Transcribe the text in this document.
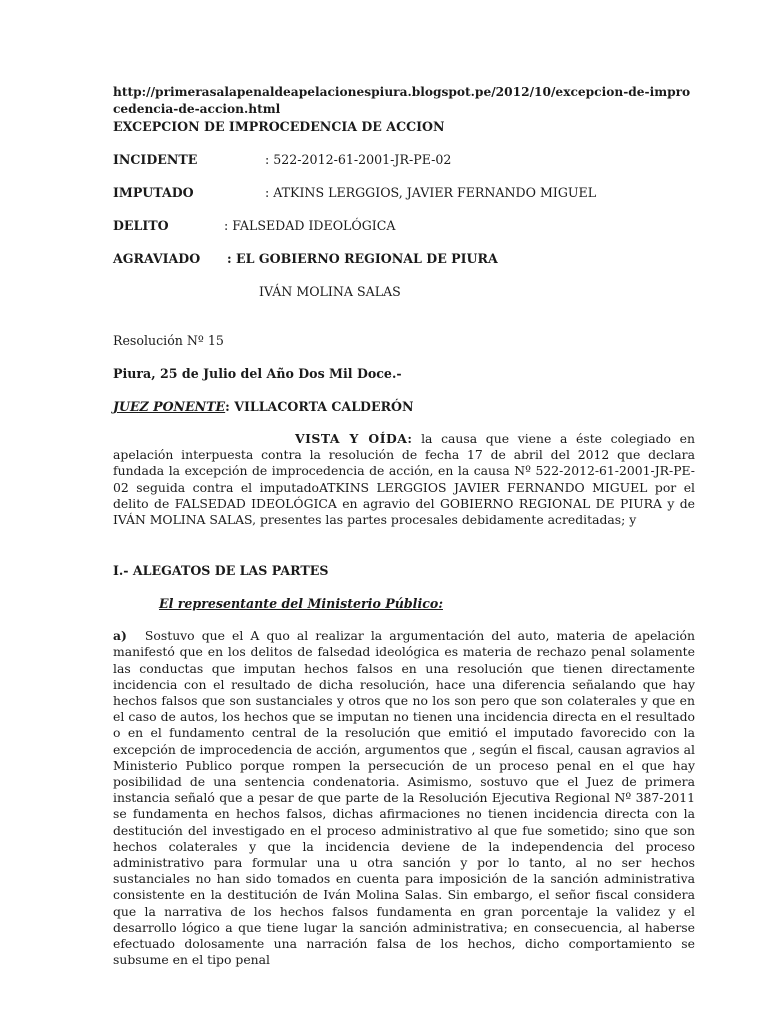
http://primerasalapenaldeapelacionespiura.blogspot.pe/2012/10/excepcion-de-improcedencia-de-accion.html
EXCEPCION DE IMPROCEDENCIA DE ACCION
INCIDENTE	: 522-2012-61-2001-JR-PE-02
IMPUTADO	: ATKINS LERGGIOS, JAVIER FERNANDO MIGUEL
DELITO	: FALSEDAD IDEOLÓGICA
AGRAVIADO	: EL GOBIERNO REGIONAL DE PIURA
IVÁN MOLINA SALAS
Resolución Nº 15
Piura, 25 de Julio del Año Dos Mil Doce.-
JUEZ PONENTE: VILLACORTA CALDERÓN
VISTA Y OÍDA: la causa que viene a éste colegiado en apelación interpuesta contra la resolución de fecha 17 de abril del 2012 que declara fundada la excepción de improcedencia de acción, en la causa Nº 522-2012-61-2001-JR-PE-02 seguida contra el imputadoATKINS LERGGIOS JAVIER FERNANDO MIGUEL por el delito de FALSEDAD IDEOLÓGICA en agravio del GOBIERNO REGIONAL DE PIURA y de IVÁN MOLINA SALAS, presentes las partes procesales debidamente acreditadas; y
I.- ALEGATOS DE LAS PARTES
El representante del Ministerio Público:
a) Sostuvo que el A quo al realizar la argumentación del auto, materia de apelación manifestó que en los delitos de falsedad ideológica es materia de rechazo penal solamente las conductas que imputan hechos falsos en una resolución que tienen directamente incidencia con el resultado de dicha resolución, hace una diferencia señalando que hay hechos falsos que son sustanciales y otros que no los son pero que son colaterales y que en el caso de autos, los hechos que se imputan no tienen una incidencia directa en el resultado o en el fundamento central de la resolución que emitió el imputado favorecido con la excepción de improcedencia de acción, argumentos que , según el fiscal, causan agravios al Ministerio Publico porque rompen la persecución de un proceso penal en el que hay posibilidad de una sentencia condenatoria. Asimismo, sostuvo que el Juez de primera instancia señaló que a pesar de que parte de la Resolución Ejecutiva Regional Nº 387-2011 se fundamenta en hechos falsos, dichas afirmaciones no tienen incidencia directa con la destitución del investigado en el proceso administrativo al que fue sometido; sino que son hechos colaterales y que la incidencia deviene de la independencia del proceso administrativo para formular una u otra sanción y por lo tanto, al no ser hechos sustanciales no han sido tomados en cuenta para imposición de la sanción administrativa consistente en la destitución de Iván Molina Salas. Sin embargo, el señor fiscal considera que la narrativa de los hechos falsos fundamenta en gran porcentaje la validez y el desarrollo lógico a que tiene lugar la sanción administrativa; en consecuencia, al haberse efectuado dolosamente una narración falsa de los hechos, dicho comportamiento se subsume en el tipo penal
